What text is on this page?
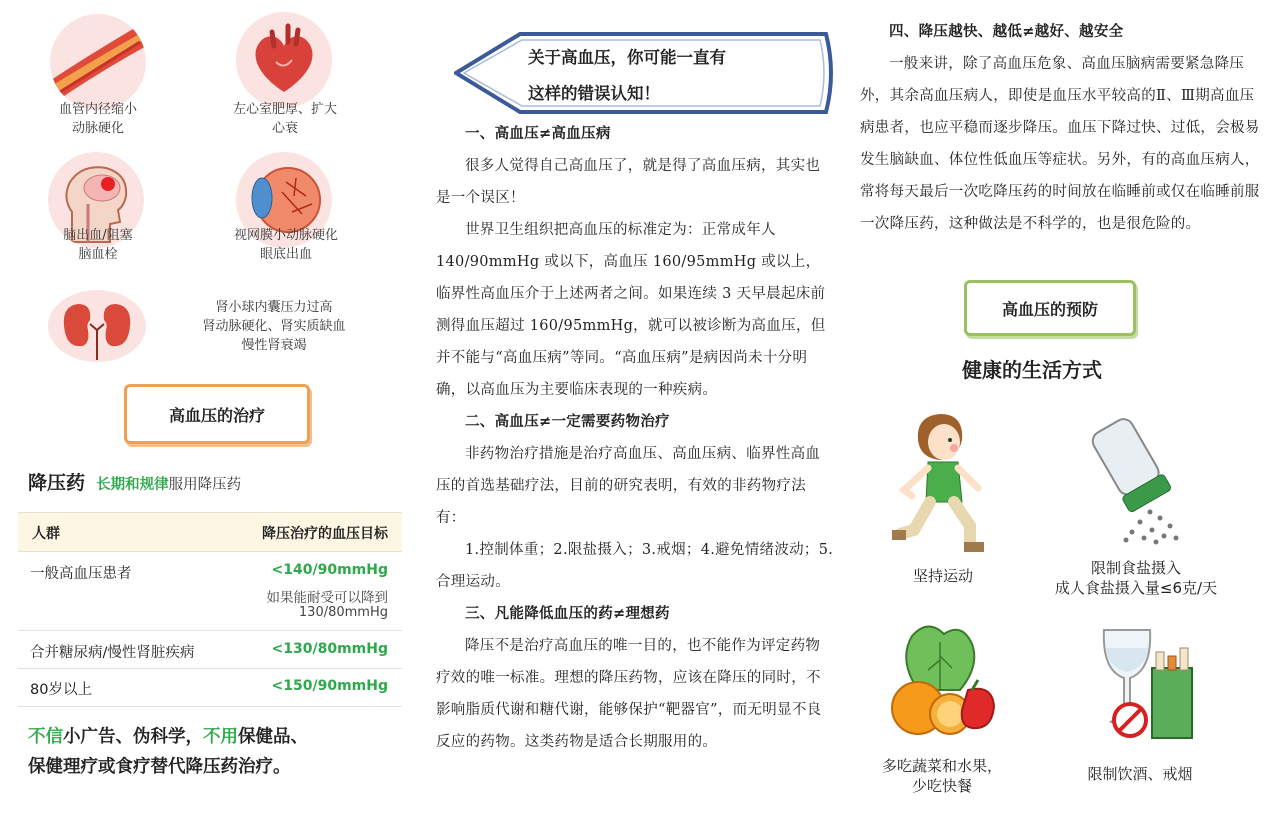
血管内径缩小
动脉硬化
左心室肥厚、扩大
心衰
脑出血/阻塞
脑血栓
视网膜小动脉硬化
眼底出血
肾小球内囊压力过高
肾动脉硬化、肾实质缺血
慢性肾衰竭
高血压的治疗
降压药 长期和规律服用降压药
人群	降压治疗的血压目标
一般高血压患者	<140/90mmHg
如果能耐受可以降到
130/80mmHg
合并糖尿病/慢性肾脏疾病	<130/80mmHg
80岁以上	<150/90mmHg
不信小广告、伪科学，不用保健品、
保健理疗或食疗替代降压药治疗。
关于高血压，你可能一直有
这样的错误认知！

一、高血压≠高血压病

很多人觉得自己高血压了，就是得了高血压病，其实也是一个误区！

世界卫生组织把高血压的标准定为：正常成年人 140/90mmHg 或以下，高血压 160/95mmHg 或以上，临界性高血压介于上述两者之间。如果连续 3 天早晨起床前测得血压超过 160/95mmHg，就可以被诊断为高血压，但并不能与“高血压病”等同。“高血压病”是病因尚未十分明确，以高血压为主要临床表现的一种疾病。

二、高血压≠一定需要药物治疗

非药物治疗措施是治疗高血压、高血压病、临界性高血压的首选基础疗法，目前的研究表明，有效的非药物疗法有：

1.控制体重；2.限盐摄入；3.戒烟；4.避免情绪波动；5.合理运动。

三、凡能降低血压的药≠理想药

降压不是治疗高血压的唯一目的，也不能作为评定药物疗效的唯一标准。理想的降压药物，应该在降压的同时，不影响脂质代谢和糖代谢，能够保护“靶器官”，而无明显不良反应的药物。这类药物是适合长期服用的。

四、降压越快、越低≠越好、越安全

一般来讲，除了高血压危象、高血压脑病需要紧急降压外，其余高血压病人，即使是血压水平较高的Ⅱ、Ⅲ期高血压病患者，也应平稳而逐步降压。血压下降过快、过低，会极易发生脑缺血、体位性低血压等症状。另外，有的高血压病人，常将每天最后一次吃降压药的时间放在临睡前或仅在临睡前服一次降压药，这种做法是不科学的，也是很危险的。

高血压的预防
健康的生活方式
坚持运动	限制食盐摄入
成人食盐摄入量≤6克/天
多吃蔬菜和水果，
少吃快餐
限制饮酒、戒烟
